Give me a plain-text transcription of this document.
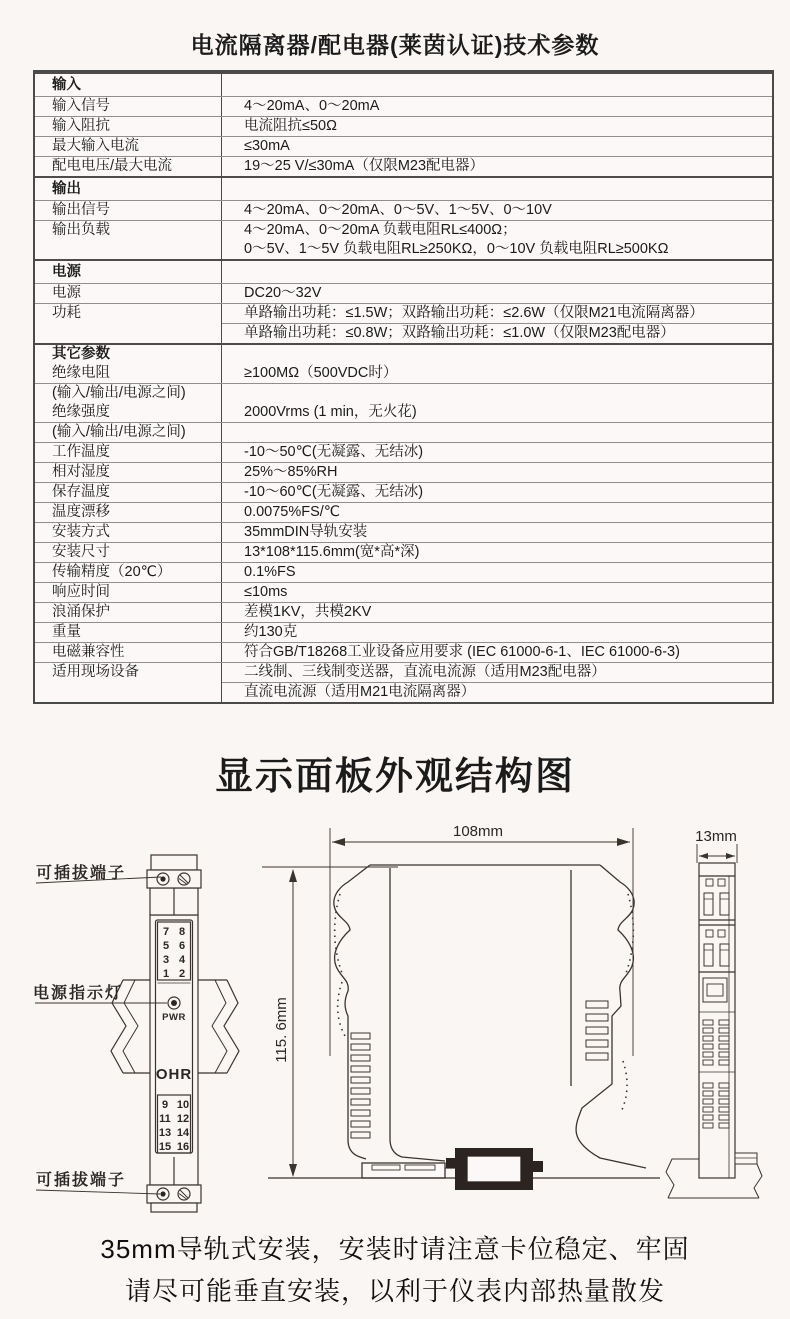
电流隔离器/配电器(莱茵认证)技术参数
输入
输入信号	4～20mA、0～20mA
输入阻抗	电流阻抗≤50Ω
最大输入电流	≤30mA
配电电压/最大电流	19～25 V/≤30mA（仅限M23配电器）
输出
输出信号	4～20mA、0～20mA、0～5V、1～5V、0～10V
输出负载	4～20mA、0～20mA 负载电阻RL≤400Ω；
0～5V、1～5V 负载电阻RL≥250KΩ，0～10V 负载电阻RL≥500KΩ
电源
电源	DC20～32V
功耗	单路输出功耗：≤1.5W；双路输出功耗：≤2.6W（仅限M21电流隔离器）
单路输出功耗：≤0.8W；双路输出功耗：≤1.0W（仅限M23配电器）
其它参数
绝缘电阻	≥100MΩ（500VDC时）
(输入/输出/电源之间)
绝缘强度	2000Vrms (1 min，无火花)
(输入/输出/电源之间)
工作温度	-10～50℃(无凝露、无结冰)
相对湿度	25%～85%RH
保存温度	-10～60℃(无凝露、无结冰)
温度漂移	0.0075%FS/℃
安装方式	35mmDIN导轨安装
安装尺寸	13*108*115.6mm(宽*高*深)
传输精度（20℃）	0.1%FS
响应时间	≤10ms
浪涌保护	差模1KV，共模2KV
重量	约130克
电磁兼容性	符合GB/T18268工业设备应用要求 (IEC 61000-6-1、IEC 61000-6-3)
适用现场设备	二线制、三线制变送器，直流电流源（适用M23配电器）
直流电流源（适用M21电流隔离器）
显示面板外观结构图
可插拔端子
电源指示灯
可插拔端子
7 8
5 6
3 4
1 2
PWR
OHR
9 10
11 12
13 14
15 16
108mm
115. 6mm
13mm
35mm导轨式安装，安装时请注意卡位稳定、牢固
请尽可能垂直安装，以利于仪表内部热量散发
